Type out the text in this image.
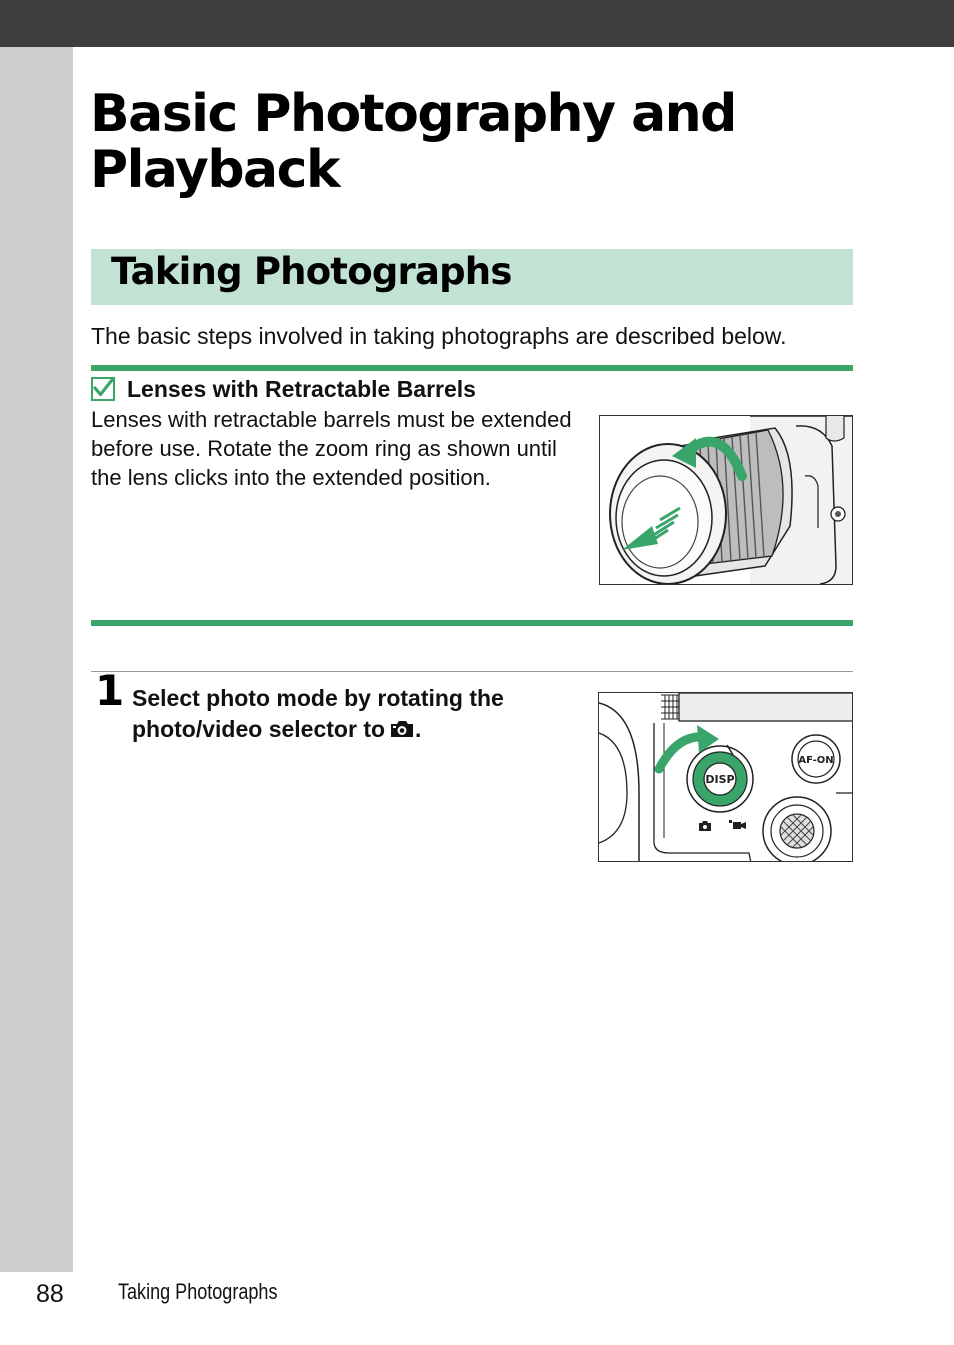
Basic Photography and Playback
Taking Photographs

The basic steps involved in taking photographs are described below.

Lenses with Retractable Barrels

Lenses with retractable barrels must be extended before use. Rotate the zoom ring as shown until the lens clicks into the extended position.

1 Select photo mode by rotating the photo/video selector to .

DISP
AF-ON
88 Taking Photographs
